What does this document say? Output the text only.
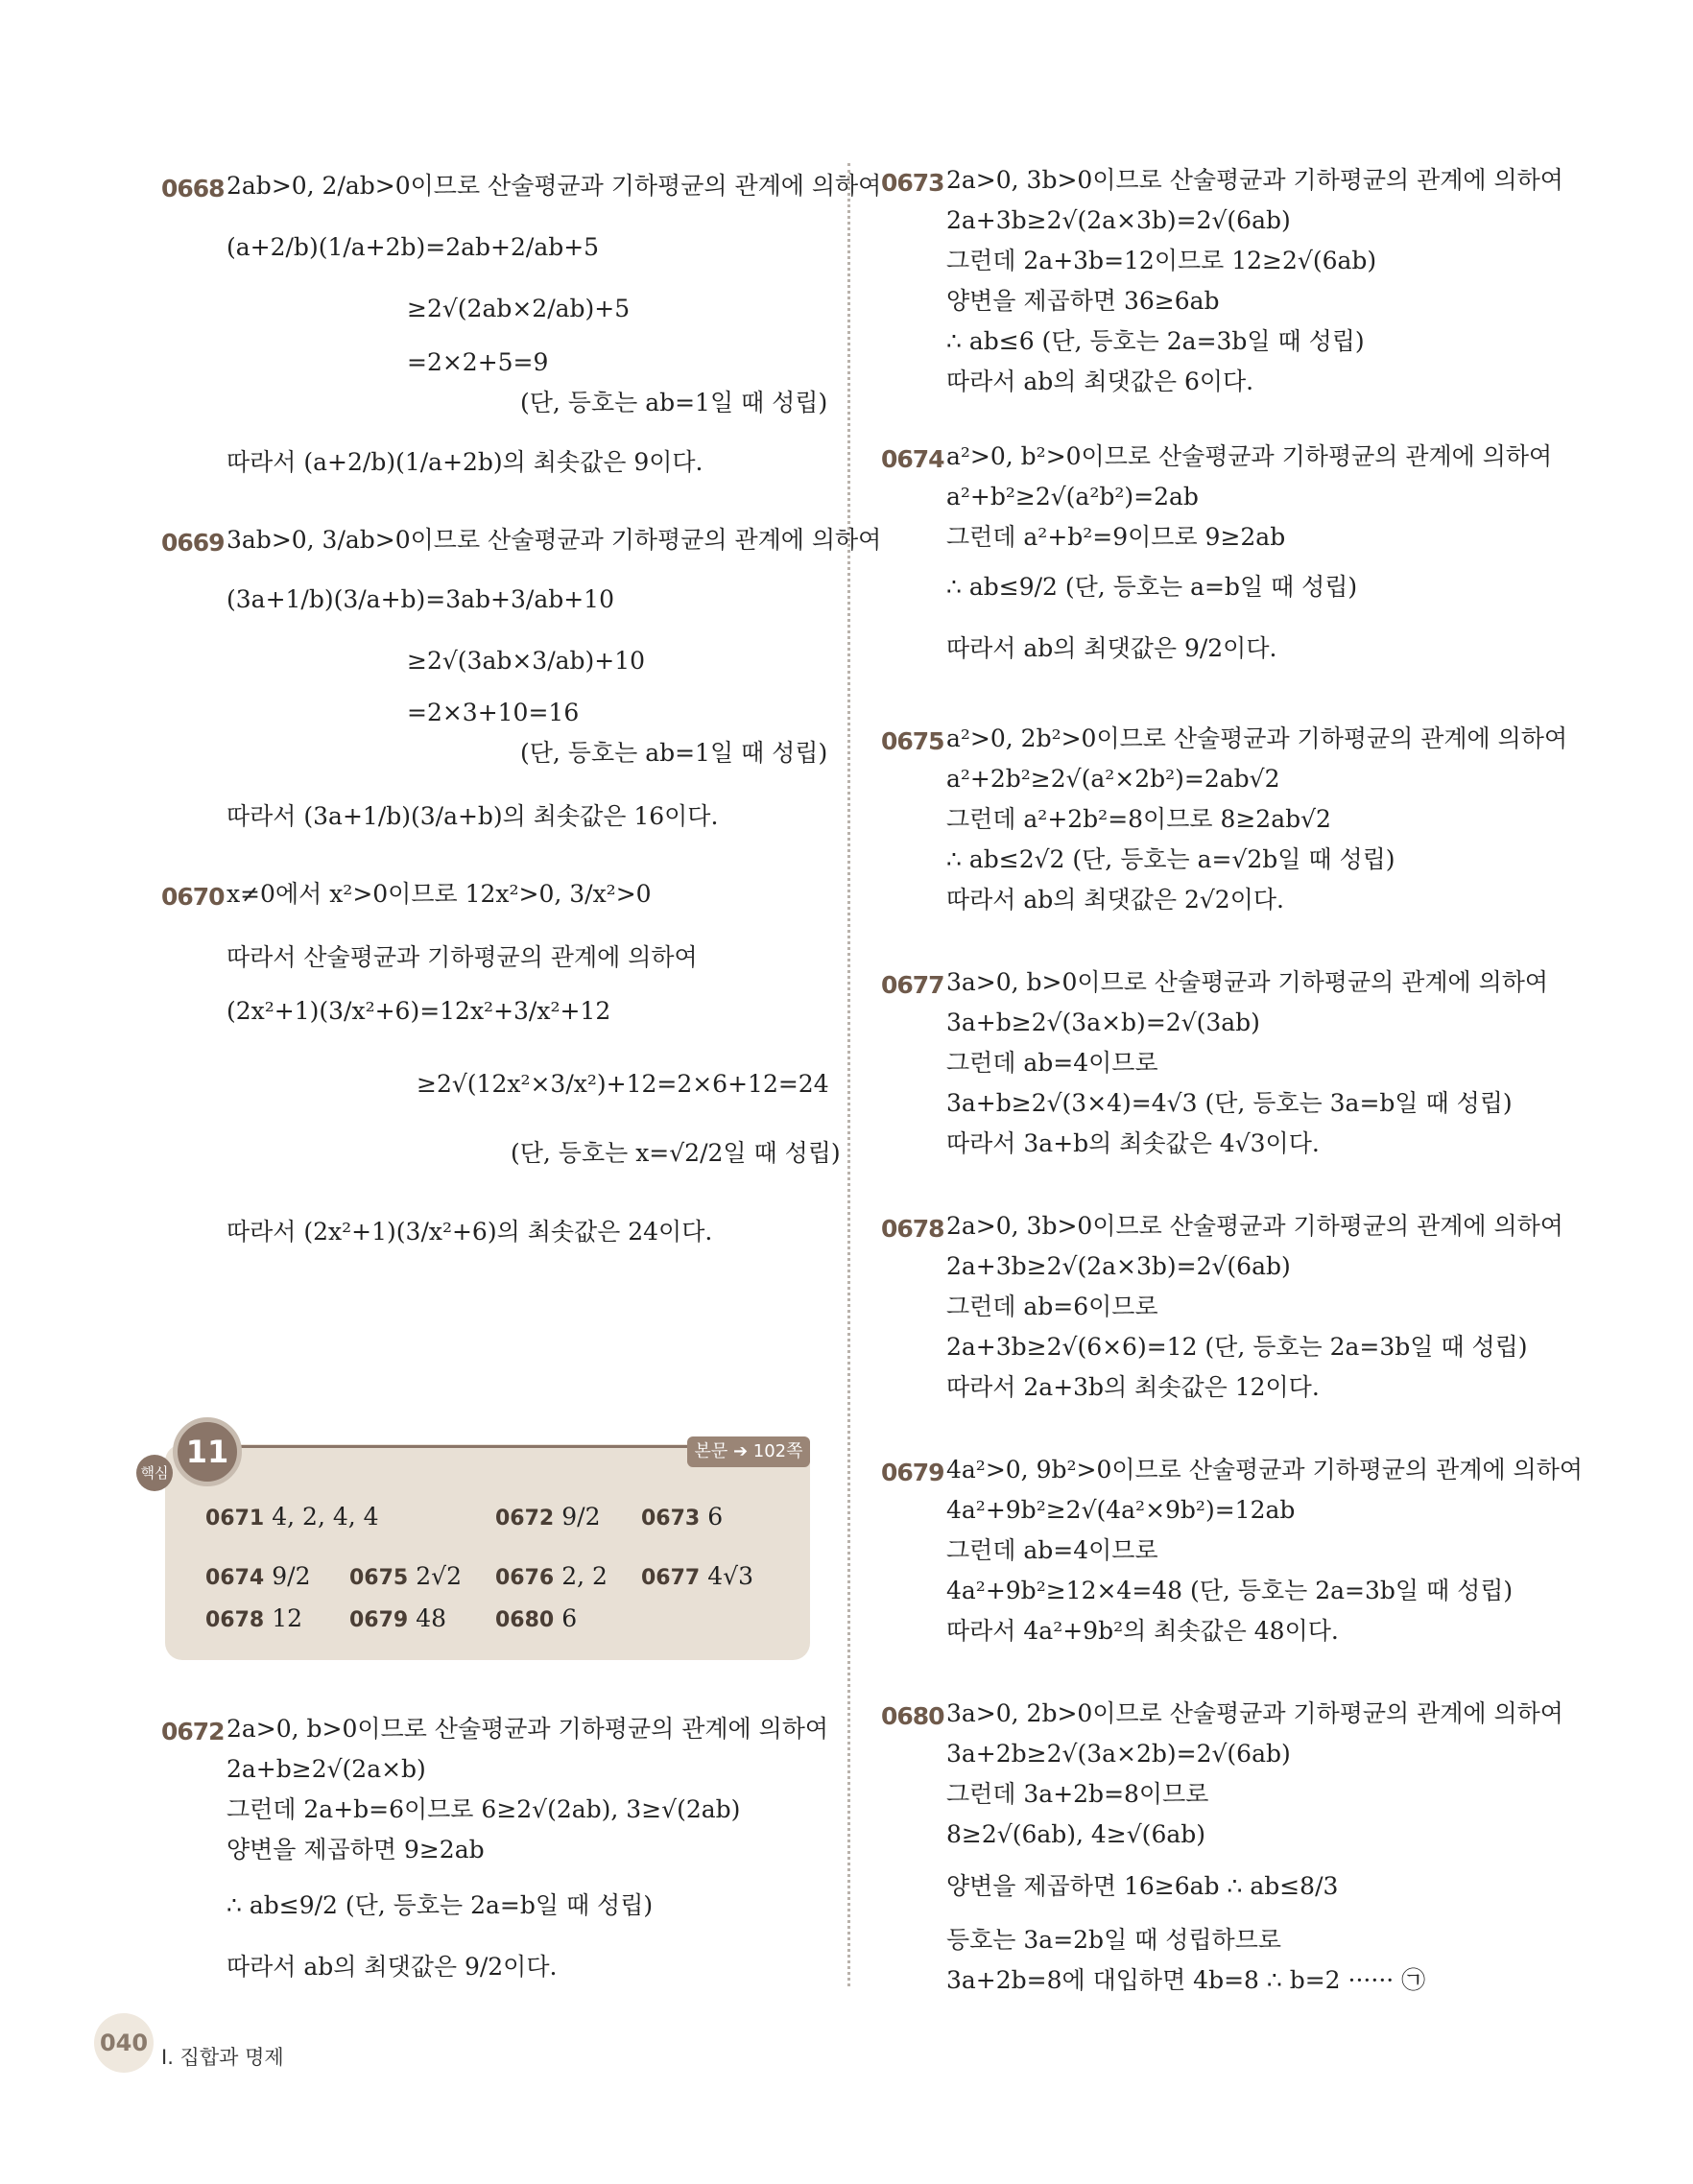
0668 2ab>0, 2/ab>0이므로 산술평균과 기하평균의 관계에 의하여
(a+2/b)(1/a+2b)=2ab+2/ab+5
≥2√(2ab×2/ab)+5
=2×2+5=9
(단, 등호는 ab=1일 때 성립)
따라서 (a+2/b)(1/a+2b)의 최솟값은 9이다.
0669 3ab>0, 3/ab>0이므로 산술평균과 기하평균의 관계에 의하여
(3a+1/b)(3/a+b)=3ab+3/ab+10
≥2√(3ab×3/ab)+10
=2×3+10=16
(단, 등호는 ab=1일 때 성립)
따라서 (3a+1/b)(3/a+b)의 최솟값은 16이다.
0670 x≠0에서 x²>0이므로 12x²>0, 3/x²>0
따라서 산술평균과 기하평균의 관계에 의하여
(2x²+1)(3/x²+6)=12x²+3/x²+12
≥2√(12x²×3/x²)+12=2×6+12=24
(단, 등호는 x=√2/2일 때 성립)
따라서 (2x²+1)(3/x²+6)의 최솟값은 24이다.
핵심
11	본문 ➔ 102쪽
0671 4, 2, 4, 4	0672 9/2 0673 6
0674 9/2 0675 2√2 0676 2, 2 0677 4√3
0678 12 0679 48 0680 6
0672 2a>0, b>0이므로 산술평균과 기하평균의 관계에 의하여
2a+b≥2√(2a×b)
그런데 2a+b=6이므로 6≥2√(2ab), 3≥√(2ab)
양변을 제곱하면 9≥2ab
∴ ab≤9/2 (단, 등호는 2a=b일 때 성립)
따라서 ab의 최댓값은 9/2이다.
0673 2a>0, 3b>0이므로 산술평균과 기하평균의 관계에 의하여
2a+3b≥2√(2a×3b)=2√(6ab)
그런데 2a+3b=12이므로 12≥2√(6ab)
양변을 제곱하면 36≥6ab
∴ ab≤6 (단, 등호는 2a=3b일 때 성립)
따라서 ab의 최댓값은 6이다.
0674 a²>0, b²>0이므로 산술평균과 기하평균의 관계에 의하여
a²+b²≥2√(a²b²)=2ab
그런데 a²+b²=9이므로 9≥2ab
∴ ab≤9/2 (단, 등호는 a=b일 때 성립)
따라서 ab의 최댓값은 9/2이다.
0675 a²>0, 2b²>0이므로 산술평균과 기하평균의 관계에 의하여
a²+2b²≥2√(a²×2b²)=2ab√2
그런데 a²+2b²=8이므로 8≥2ab√2
∴ ab≤2√2 (단, 등호는 a=√2b일 때 성립)
따라서 ab의 최댓값은 2√2이다.
0677 3a>0, b>0이므로 산술평균과 기하평균의 관계에 의하여
3a+b≥2√(3a×b)=2√(3ab)
그런데 ab=4이므로
3a+b≥2√(3×4)=4√3 (단, 등호는 3a=b일 때 성립)
따라서 3a+b의 최솟값은 4√3이다.
0678 2a>0, 3b>0이므로 산술평균과 기하평균의 관계에 의하여
2a+3b≥2√(2a×3b)=2√(6ab)
그런데 ab=6이므로
2a+3b≥2√(6×6)=12 (단, 등호는 2a=3b일 때 성립)
따라서 2a+3b의 최솟값은 12이다.
0679 4a²>0, 9b²>0이므로 산술평균과 기하평균의 관계에 의하여
4a²+9b²≥2√(4a²×9b²)=12ab
그런데 ab=4이므로
4a²+9b²≥12×4=48 (단, 등호는 2a=3b일 때 성립)
따라서 4a²+9b²의 최솟값은 48이다.
0680 3a>0, 2b>0이므로 산술평균과 기하평균의 관계에 의하여
3a+2b≥2√(3a×2b)=2√(6ab)
그런데 3a+2b=8이므로
8≥2√(6ab), 4≥√(6ab)
양변을 제곱하면 16≥6ab ∴ ab≤8/3
등호는 3a=2b일 때 성립하므로
3a+2b=8에 대입하면 4b=8 ∴ b=2 ······ ㉠
040
I. 집합과 명제
